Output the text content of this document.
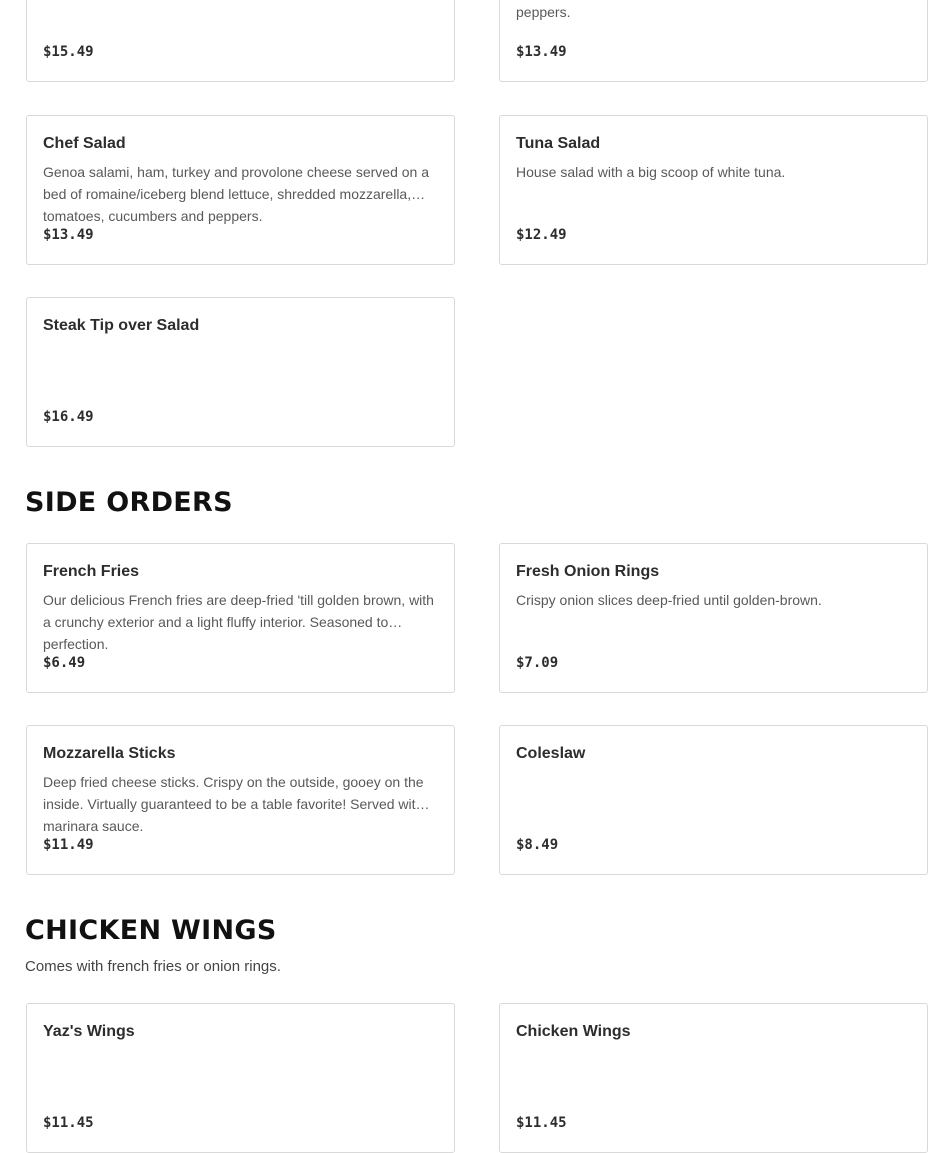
$15.49
peppers.
$13.49
Chef Salad
Genoa salami, ham, turkey and provolone cheese served on a bed of romaine/iceberg blend lettuce, shredded mozzarella, tomatoes, cucumbers and peppers.
$13.49
Tuna Salad
House salad with a big scoop of white tuna.
$12.49
Steak Tip over Salad
$16.49
SIDE ORDERS
French Fries
Our delicious French fries are deep-fried 'till golden brown, with a crunchy exterior and a light fluffy interior. Seasoned to perfection.
$6.49
Fresh Onion Rings
Crispy onion slices deep-fried until golden-brown.
$7.09
Mozzarella Sticks
Deep fried cheese sticks. Crispy on the outside, gooey on the inside. Virtually guaranteed to be a table favorite! Served with marinara sauce.
$11.49
Coleslaw
$8.49
CHICKEN WINGS

Comes with french fries or onion rings.

Yaz's Wings
$11.45
Chicken Wings
$11.45
